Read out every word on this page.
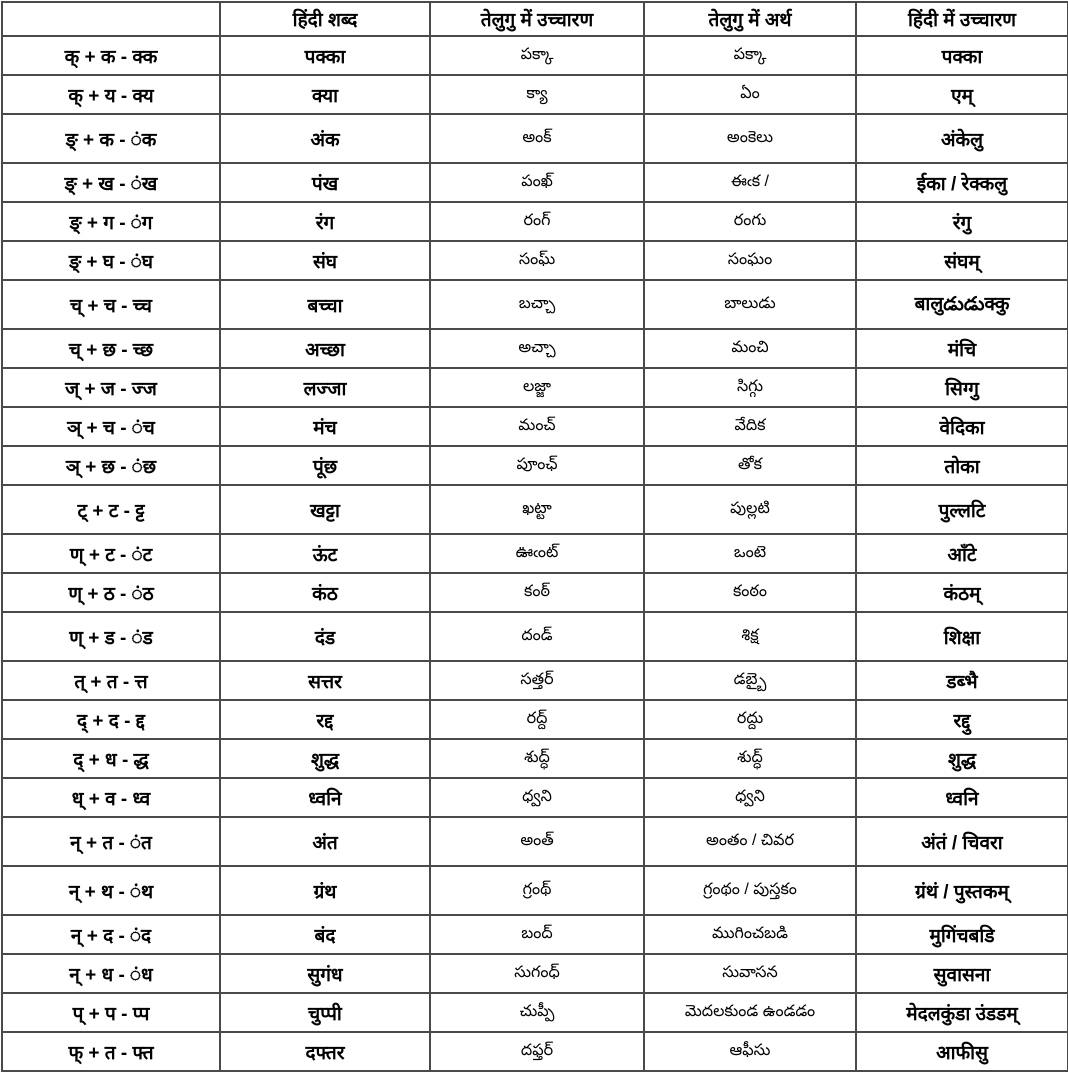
	हिंदी शब्द	तेलुगु में उच्चारण	तेलुगु में अर्थ	हिंदी में उच्चारण
क् + क - क्क	पक्का	పక్కా	పక్కా	पक्का
क् + य - क्य	क्या	క్యా	ఏం	एम्
ङ् + क - ंक	अंक	అంక్	అంకెలు	अंकेलु
ङ् + ख - ंख	पंख	పంఖ్	ఈఁక /	ईका / रेक्कलु
ङ् + ग - ंग	रंग	రంగ్	రంగు	रंगु
ङ् + घ - ंघ	संघ	సంఘ్	సంఘం	संघम्
च् + च - च्च	बच्चा	బచ్చా	బాలుడు	बालुడుడుक्कु
च् + छ - च्छ	अच्छा	అచ్చా	మంచి	मंचि
ज् + ज - ज्ज	लज्जा	లజ్జా	సిగ్గు	सिग्गु
ञ् + च - ंच	मंच	మంచ్	వేదిక	वेदिका
ञ् + छ - ंछ	पूंछ	పూంఛ్	తోక	तोका
ट् + ट - ट्ट	खट्टा	ఖట్టా	పుల్లటి	पुल्लटि
ण् + ट - ंट	ऊंट	ఊఁంట్	ఒంటె	ऑंटे
ण् + ठ - ंठ	कंठ	కంఠ్	కంఠం	कंठम्
ण् + ड - ंड	दंड	దండ్	శిక్ష	शिक्षा
त् + त - त्त	सत्तर	సత్తర్	డబ్బై	डब्भै
द् + द - द्द	रद्द	రద్ద్	రద్దు	रद्दु
द् + ध - द्ध	शुद्ध	శుద్ధ్	శుద్ధ్	शुद्ध
ध् + व - ध्व	ध्वनि	ధ్వని	ధ్వని	ध्वनि
न् + त - ंत	अंत	అంత్	అంతం / చివర	अंतं / चिवरा
न् + थ - ंथ	ग्रंथ	గ్రంథ్	గ్రంథం / పుస్తకం	ग्रंथं / पुस्तकम्
न् + द - ंद	बंद	బంద్	ముగించబడి	मुगिंचबडि
न् + ध - ंध	सुगंध	సుగంధ్	సువాసన	सुवासना
प् + प - प्प	चुप्पी	చుప్పీ	మెదలకుండ ఉండడం	मेदलकुंडा उंडडम्
फ् + त - फ्त	दफ्तर	దఫ్తర్	ఆఫీసు	आफीसु
